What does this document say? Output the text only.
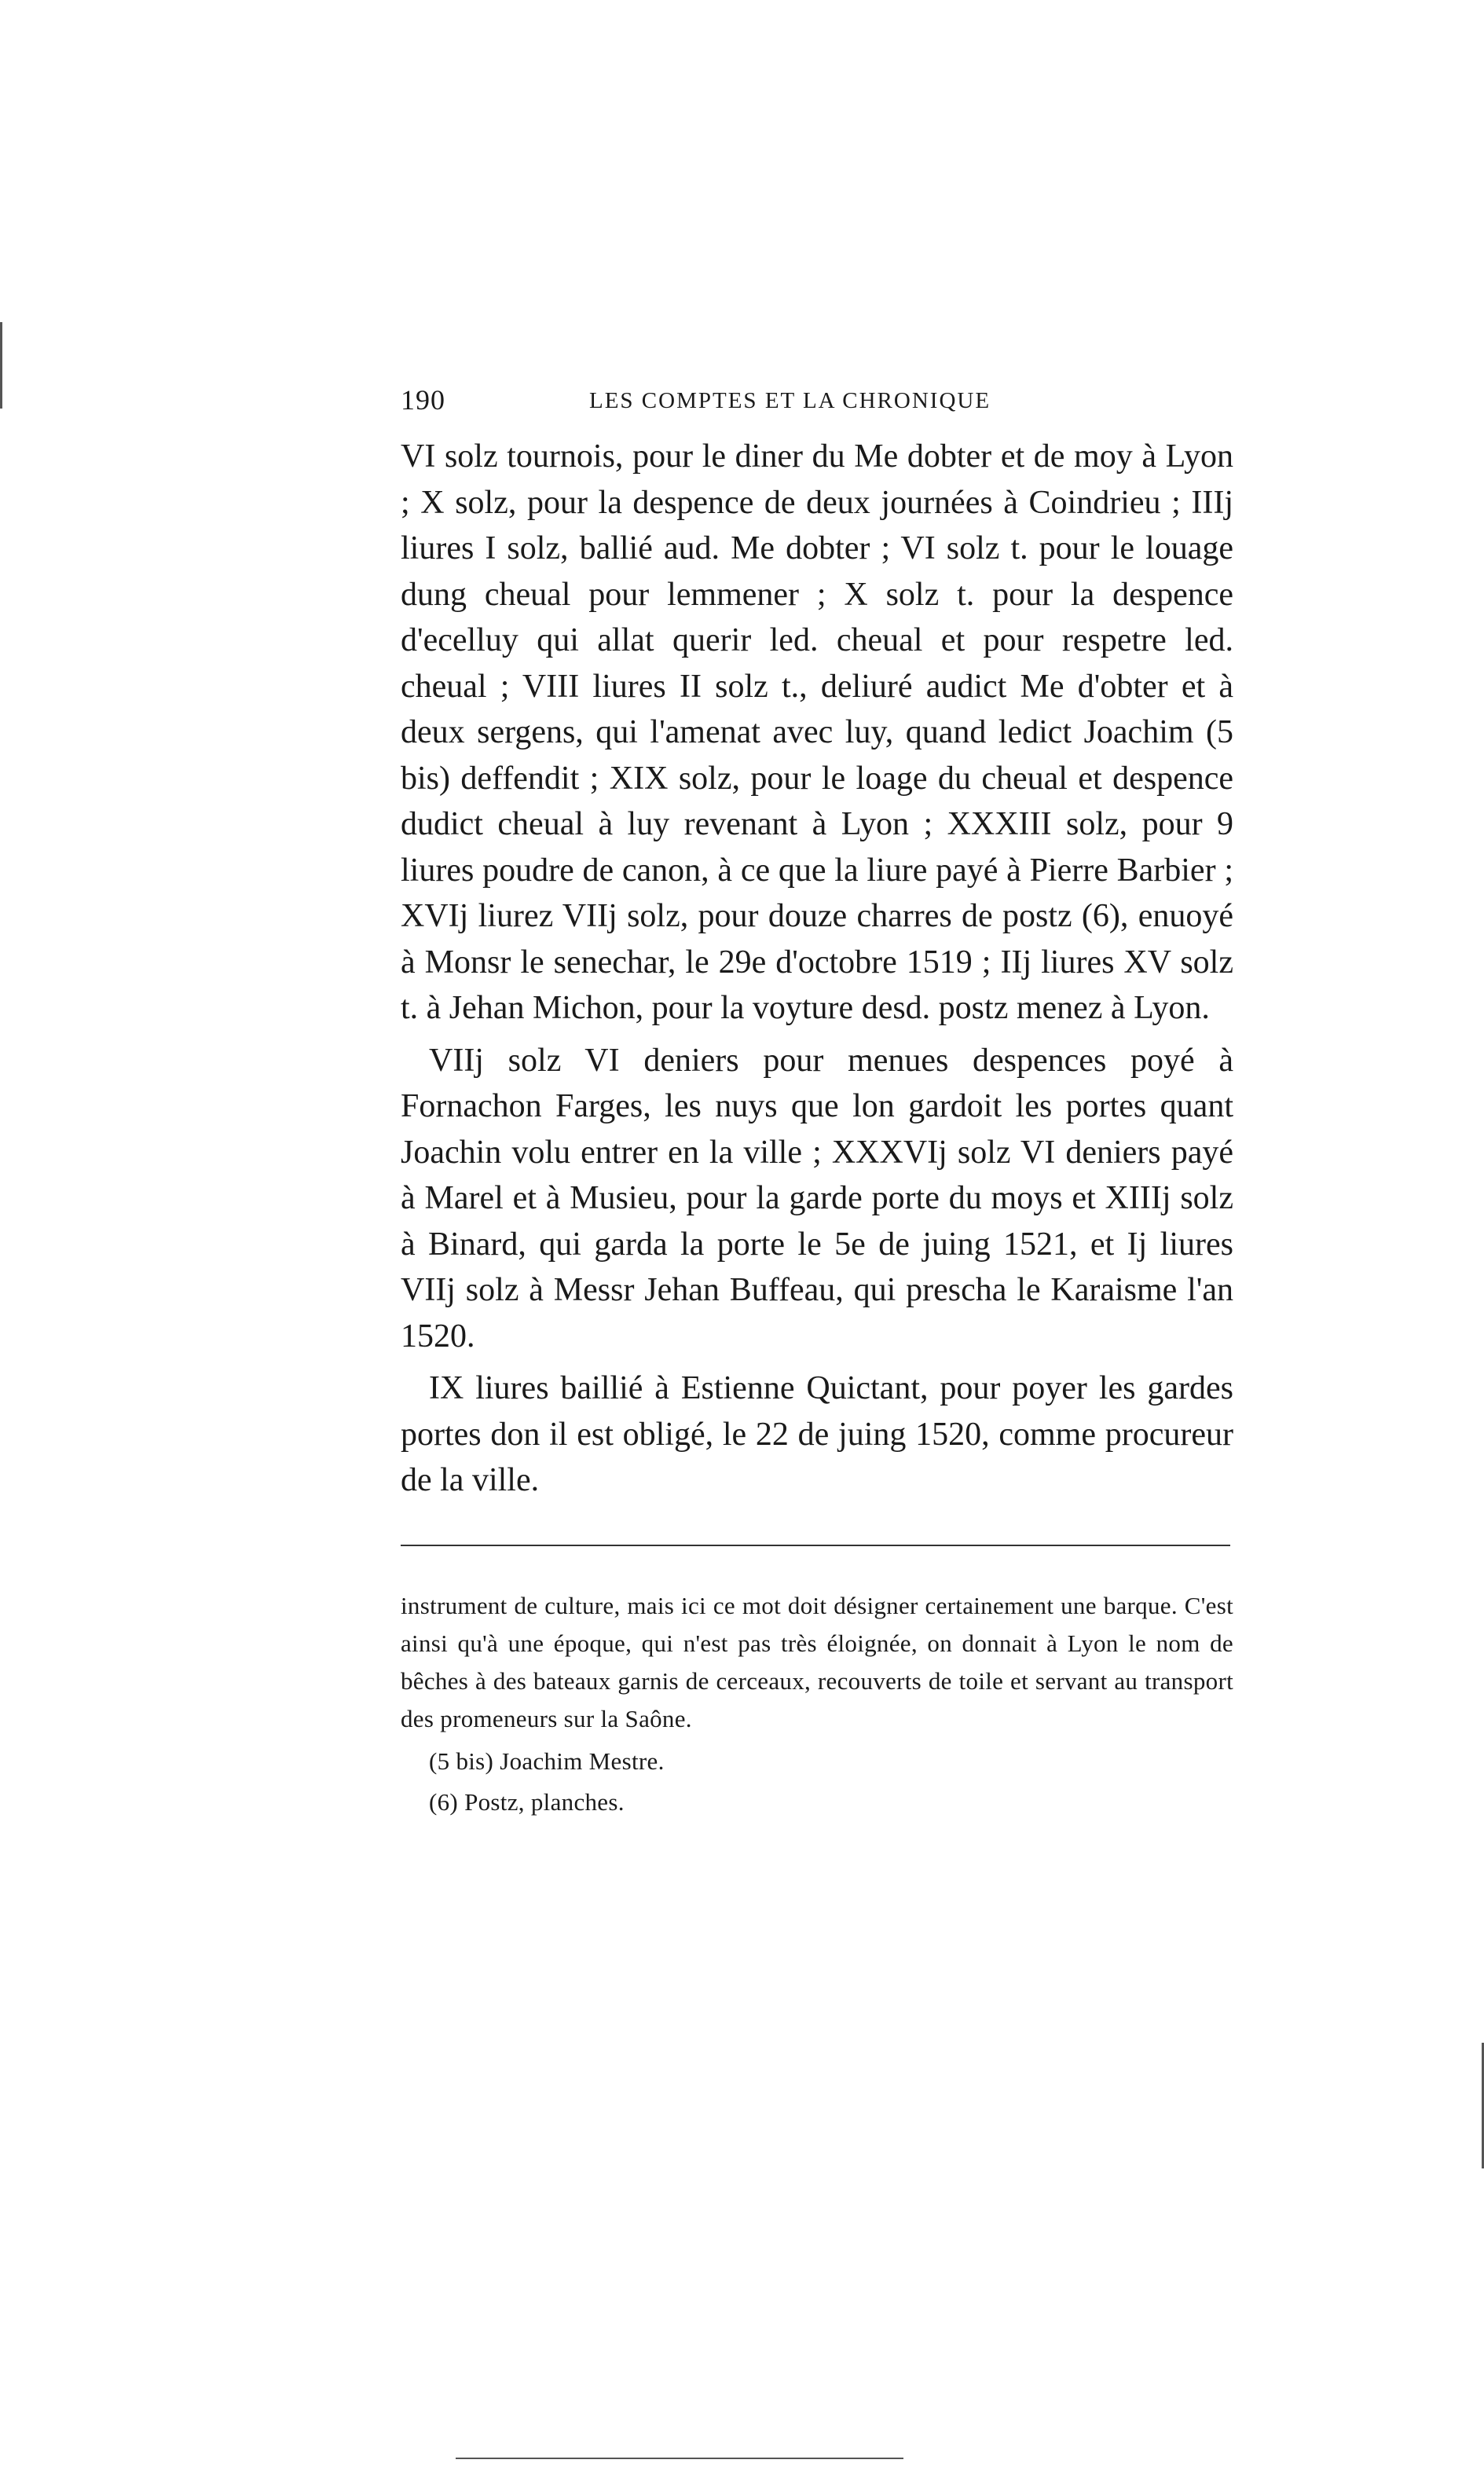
190	LES COMPTES ET LA CHRONIQUE

VI solz tournois, pour le diner du Me dobter et de moy à Lyon ; X solz, pour la despence de deux journées à Coindrieu ; IIIj liures I solz, ballié aud. Me dobter ; VI solz t. pour le louage dung cheual pour lemmener ; X solz t. pour la despence d'ecelluy qui allat querir led. cheual et pour respetre led. cheual ; VIII liures II solz t., deliuré audict Me d'obter et à deux sergens, qui l'amenat avec luy, quand ledict Joachim (5 bis) deffendit ; XIX solz, pour le loage du cheual et despence dudict cheual à luy revenant à Lyon ; XXXIII solz, pour 9 liures poudre de canon, à ce que la liure payé à Pierre Barbier ; XVIj liurez VIIj solz, pour douze charres de postz (6), enuoyé à Monsr le senechar, le 29e d'octobre 1519 ; IIj liures XV solz t. à Jehan Michon, pour la voyture desd. postz menez à Lyon.

VIIj solz VI deniers pour menues despences poyé à Fornachon Farges, les nuys que lon gardoit les portes quant Joachin volu entrer en la ville ; XXXVIj solz VI deniers payé à Marel et à Musieu, pour la garde porte du moys et XIIIj solz à Binard, qui garda la porte le 5e de juing 1521, et Ij liures VIIj solz à Messr Jehan Buffeau, qui prescha le Karaisme l'an 1520.

IX liures baillié à Estienne Quictant, pour poyer les gardes portes don il est obligé, le 22 de juing 1520, comme procureur de la ville.

instrument de culture, mais ici ce mot doit désigner certainement une barque. C'est ainsi qu'à une époque, qui n'est pas très éloignée, on donnait à Lyon le nom de bêches à des bateaux garnis de cerceaux, recouverts de toile et servant au transport des promeneurs sur la Saône.

(5 bis) Joachim Mestre.

(6) Postz, planches.
